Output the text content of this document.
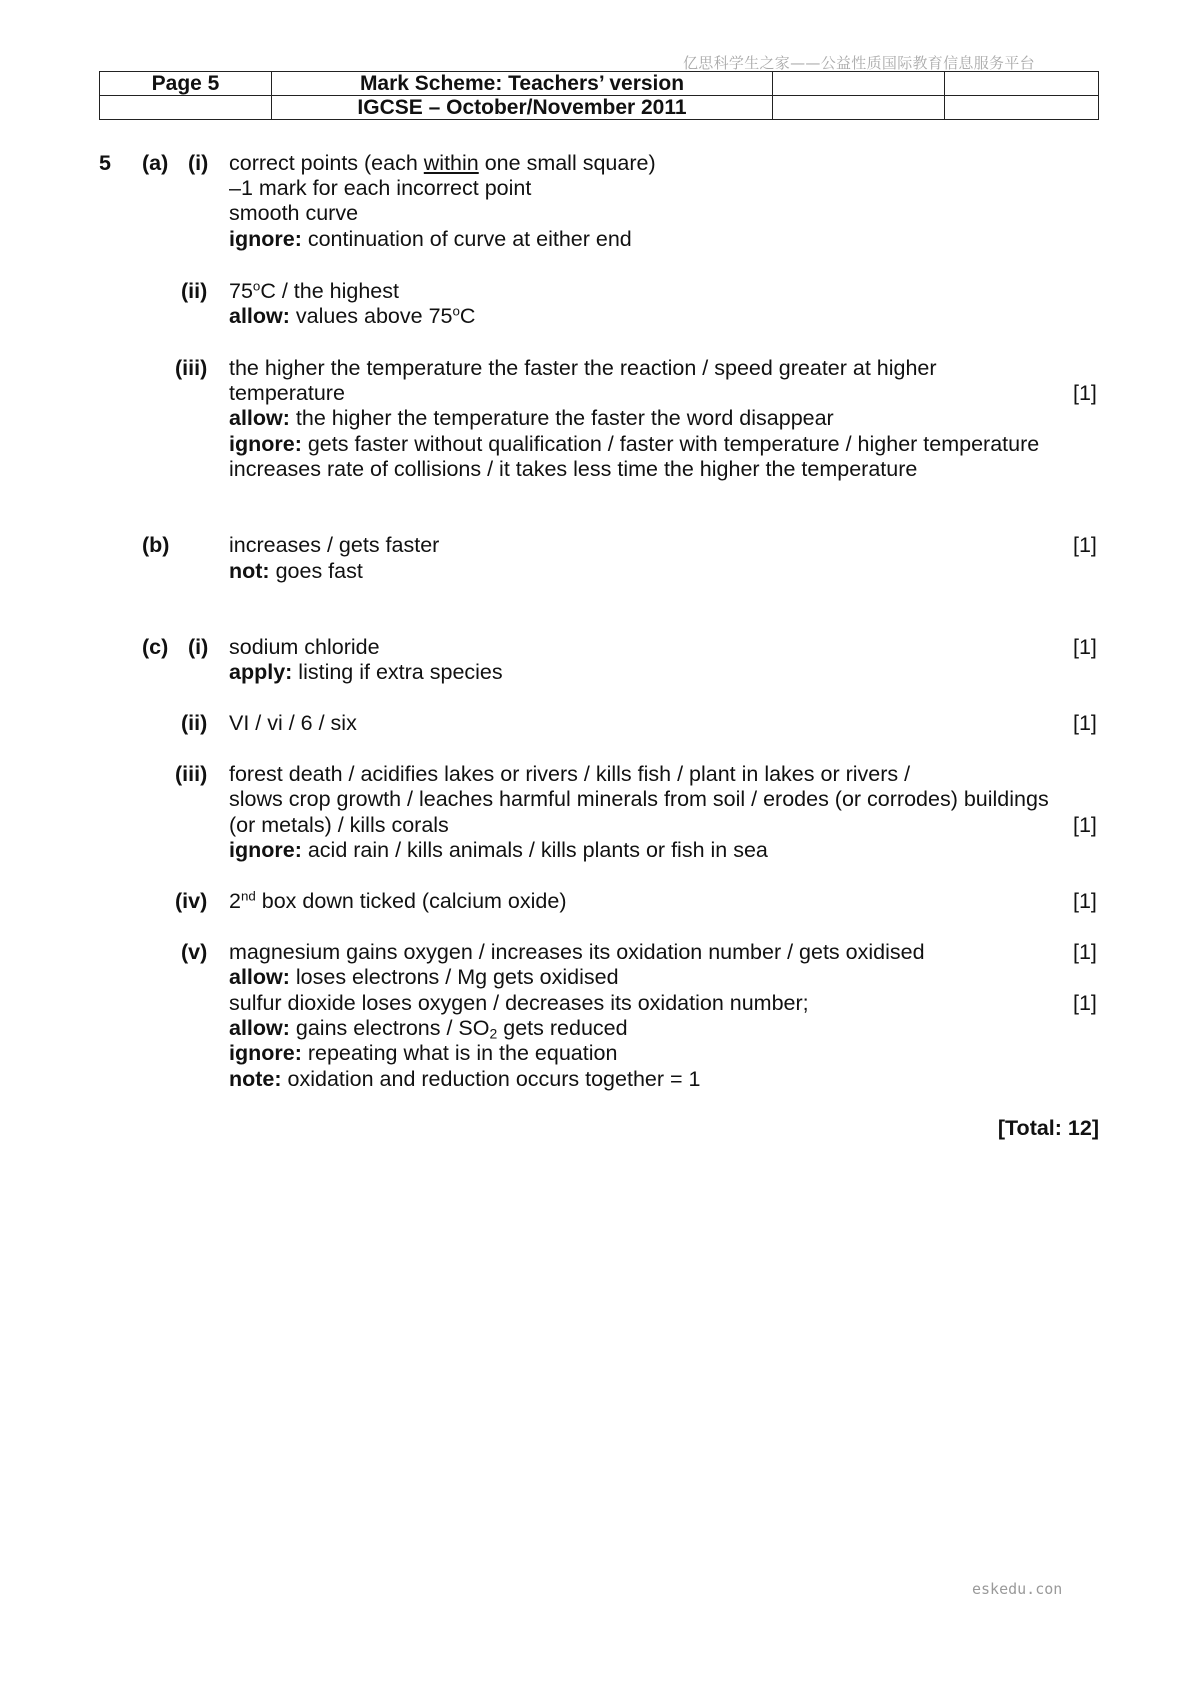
亿思科学生之家——公益性质国际教育信息服务平台
Page 5	Mark Scheme: Teachers’ version		
	IGCSE – October/November 2011		
5 (a) (i) correct points (each within one small square)
–1 mark for each incorrect point
smooth curve
ignore: continuation of curve at either end
(ii) 75$^o$C / the highest
allow: values above 75$^o$C
(iii) the higher the temperature the faster the reaction / speed greater at higher
temperature	[1]
allow: the higher the temperature the faster the word disappear
ignore: gets faster without qualification / faster with temperature / higher temperature
increases rate of collisions / it takes less time the higher the temperature
(b)	increases / gets faster	[1]
not: goes fast
(c) (i) sodium chloride	[1]
apply: listing if extra species
(ii) VI / vi / 6 / six	[1]
(iii) forest death / acidifies lakes or rivers / kills fish / plant in lakes or rivers /
slows crop growth / leaches harmful minerals from soil / erodes (or corrodes) buildings
(or metals) / kills corals	[1]
ignore: acid rain / kills animals / kills plants or fish in sea
(iv) 2nd box down ticked (calcium oxide)	[1]
(v) magnesium gains oxygen / increases its oxidation number / gets oxidised	[1]
allow: loses electrons / Mg gets oxidised
sulfur dioxide loses oxygen / decreases its oxidation number;	[1]
allow: gains electrons / $SO_2$ gets reduced
ignore: repeating what is in the equation
note: oxidation and reduction occurs together = 1
[Total: 12]
eskedu.con
